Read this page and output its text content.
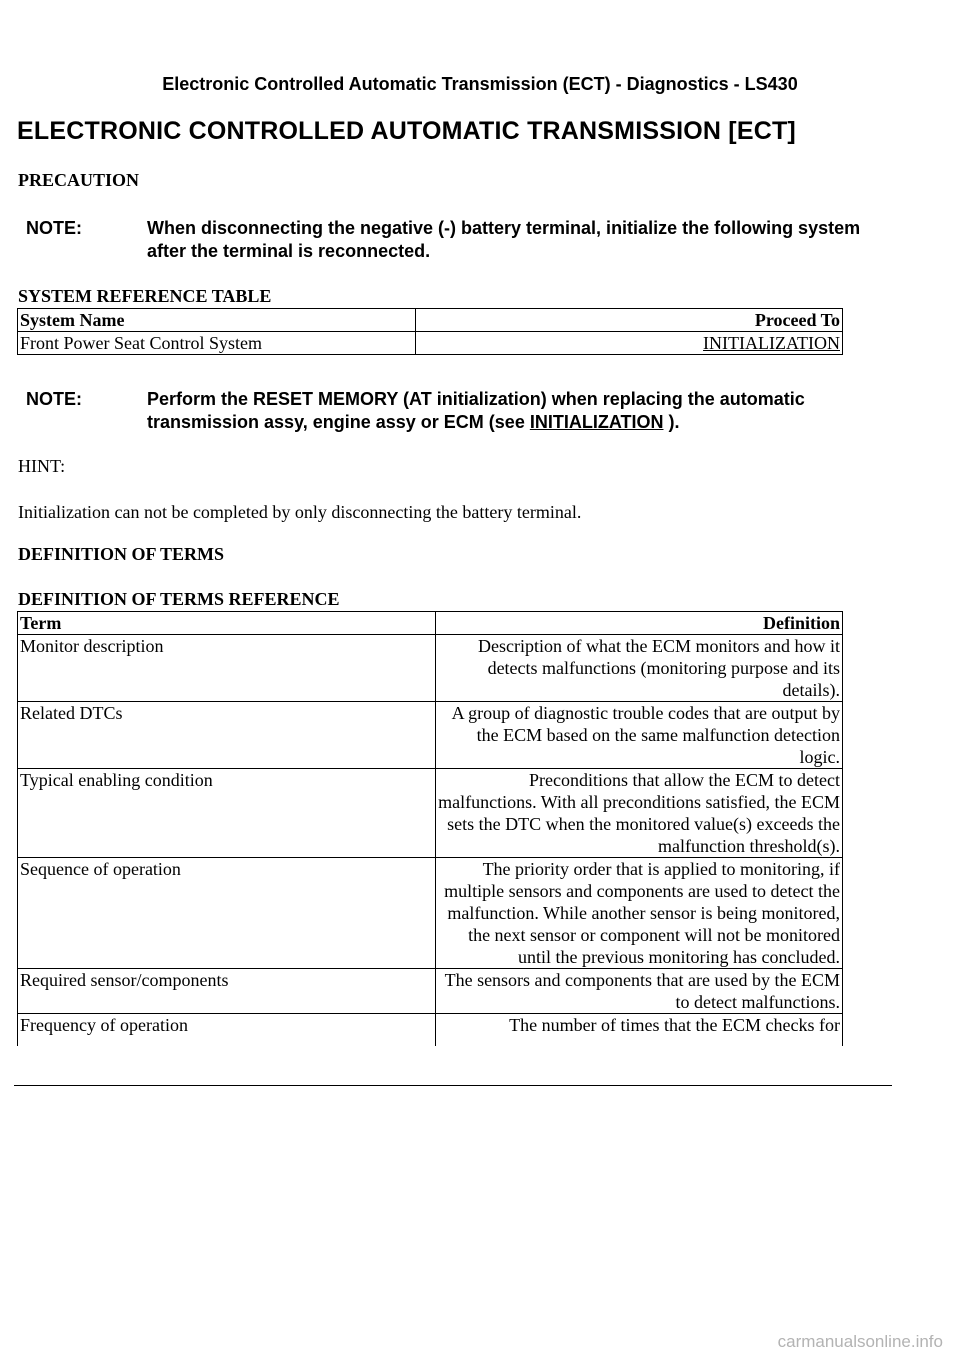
Electronic Controlled Automatic Transmission (ECT) - Diagnostics - LS430
ELECTRONIC CONTROLLED AUTOMATIC TRANSMISSION [ECT]
PRECAUTION
NOTE:	When disconnecting the negative (-) battery terminal, initialize the following system after the terminal is reconnected.
SYSTEM REFERENCE TABLE
System Name	Proceed To
Front Power Seat Control System	INITIALIZATION
NOTE:	Perform the RESET MEMORY (AT initialization) when replacing the automatic transmission assy, engine assy or ECM (see INITIALIZATION ).
HINT:
Initialization can not be completed by only disconnecting the battery terminal.
DEFINITION OF TERMS
DEFINITION OF TERMS REFERENCE
Term	Definition
Monitor description	Description of what the ECM monitors and how it detects malfunctions (monitoring purpose and its details).
Related DTCs	A group of diagnostic trouble codes that are output by the ECM based on the same malfunction detection logic.
Typical enabling condition	Preconditions that allow the ECM to detect malfunctions. With all preconditions satisfied, the ECM sets the DTC when the monitored value(s) exceeds the malfunction threshold(s).
Sequence of operation	The priority order that is applied to monitoring, if multiple sensors and components are used to detect the malfunction. While another sensor is being monitored, the next sensor or component will not be monitored until the previous monitoring has concluded.
Required sensor/components	The sensors and components that are used by the ECM to detect malfunctions.
Frequency of operation	The number of times that the ECM checks for
carmanualsonline.info
